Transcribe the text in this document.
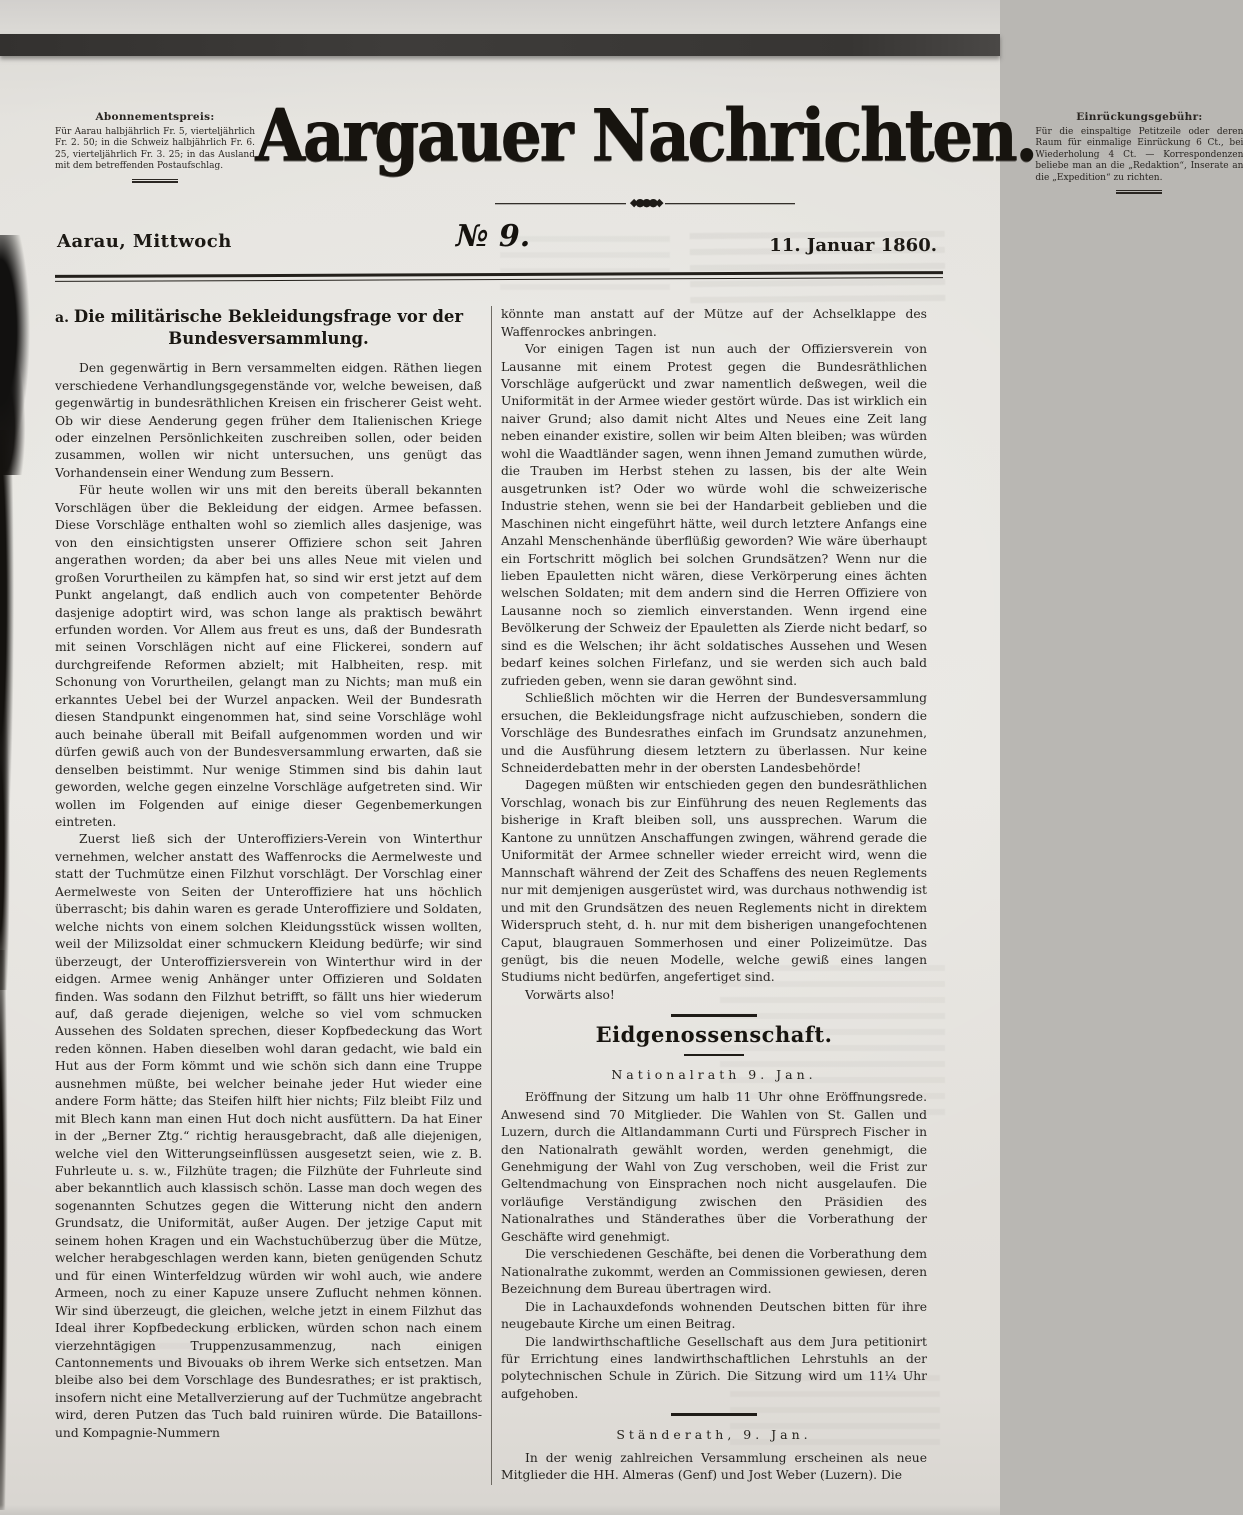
Abonnementspreis:
Für Aarau halbjährlich Fr. 5, vierteljährlich Fr. 2. 50; in die Schweiz halbjährlich Fr. 6. 25, vierteljährlich Fr. 3. 25; in das Ausland mit dem betreffenden Postaufschlag. Aargauer Nachrichten.
◆●●●◆
Einrückungsgebühr:
Für die einspaltige Petitzeile oder deren Raum für einmalige Einrückung 6 Ct., bei Wiederholung 4 Ct. — Korrespondenzen beliebe man an die „Redaktion“, Inserate an die „Expedition“ zu richten.
Aarau, Mittwoch	№ 9.	11. Januar 1860.
a. Die militärische Bekleidungsfrage vor der Bundesversammlung.

Den gegenwärtig in Bern versammelten eidgen. Räthen liegen verschiedene Verhandlungsgegenstände vor, welche beweisen, daß gegenwärtig in bundesräthlichen Kreisen ein frischerer Geist weht. Ob wir diese Aenderung gegen früher dem Italienischen Kriege oder einzelnen Persönlichkeiten zuschreiben sollen, oder beiden zusammen, wollen wir nicht untersuchen, uns genügt das Vorhandensein einer Wendung zum Bessern.

Für heute wollen wir uns mit den bereits überall bekannten Vorschlägen über die Bekleidung der eidgen. Armee befassen. Diese Vorschläge enthalten wohl so ziemlich alles dasjenige, was von den einsichtigsten unserer Offiziere schon seit Jahren angerathen worden; da aber bei uns alles Neue mit vielen und großen Vorurtheilen zu kämpfen hat, so sind wir erst jetzt auf dem Punkt angelangt, daß endlich auch von competenter Behörde dasjenige adoptirt wird, was schon lange als praktisch bewährt erfunden worden. Vor Allem aus freut es uns, daß der Bundesrath mit seinen Vorschlägen nicht auf eine Flickerei, sondern auf durchgreifende Reformen abzielt; mit Halbheiten, resp. mit Schonung von Vorurtheilen, gelangt man zu Nichts; man muß ein erkanntes Uebel bei der Wurzel anpacken. Weil der Bundesrath diesen Standpunkt eingenommen hat, sind seine Vorschläge wohl auch beinahe überall mit Beifall aufgenommen worden und wir dürfen gewiß auch von der Bundesversammlung erwarten, daß sie denselben beistimmt. Nur wenige Stimmen sind bis dahin laut geworden, welche gegen einzelne Vorschläge aufgetreten sind. Wir wollen im Folgenden auf einige dieser Gegenbemerkungen eintreten.

Zuerst ließ sich der Unteroffiziers-Verein von Winterthur vernehmen, welcher anstatt des Waffenrocks die Aermelweste und statt der Tuchmütze einen Filzhut vorschlägt. Der Vorschlag einer Aermelweste von Seiten der Unteroffiziere hat uns höchlich überrascht; bis dahin waren es gerade Unteroffiziere und Soldaten, welche nichts von einem solchen Kleidungsstück wissen wollten, weil der Milizsoldat einer schmuckern Kleidung bedürfe; wir sind überzeugt, der Unteroffiziersverein von Winterthur wird in der eidgen. Armee wenig Anhänger unter Offizieren und Soldaten finden. Was sodann den Filzhut betrifft, so fällt uns hier wiederum auf, daß gerade diejenigen, welche so viel vom schmucken Aussehen des Soldaten sprechen, dieser Kopfbedeckung das Wort reden können. Haben dieselben wohl daran gedacht, wie bald ein Hut aus der Form kömmt und wie schön sich dann eine Truppe ausnehmen müßte, bei welcher beinahe jeder Hut wieder eine andere Form hätte; das Steifen hilft hier nichts; Filz bleibt Filz und mit Blech kann man einen Hut doch nicht ausfüttern. Da hat Einer in der „Berner Ztg.“ richtig herausgebracht, daß alle diejenigen, welche viel den Witterungseinflüssen ausgesetzt seien, wie z. B. Fuhrleute u. s. w., Filzhüte tragen; die Filzhüte der Fuhrleute sind aber bekanntlich auch klassisch schön. Lasse man doch wegen des sogenannten Schutzes gegen die Witterung nicht den andern Grundsatz, die Uniformität, außer Augen. Der jetzige Caput mit seinem hohen Kragen und ein Wachstuchüberzug über die Mütze, welcher herabgeschlagen werden kann, bieten genügenden Schutz und für einen Winterfeldzug würden wir wohl auch, wie andere Armeen, noch zu einer Kapuze unsere Zuflucht nehmen können. Wir sind überzeugt, die gleichen, welche jetzt in einem Filzhut das Ideal ihrer Kopfbedeckung erblicken, würden schon nach einem vierzehntägigen Truppenzusammenzug, nach einigen Cantonnements und Bivouaks ob ihrem Werke sich entsetzen. Man bleibe also bei dem Vorschlage des Bundesrathes; er ist praktisch, insofern nicht eine Metallverzierung auf der Tuchmütze angebracht wird, deren Putzen das Tuch bald ruiniren würde. Die Bataillons- und Kompagnie-Nummern

könnte man anstatt auf der Mütze auf der Achselklappe des Waffenrockes anbringen.

Vor einigen Tagen ist nun auch der Offiziersverein von Lausanne mit einem Protest gegen die Bundesräthlichen Vorschläge aufgerückt und zwar namentlich deßwegen, weil die Uniformität in der Armee wieder gestört würde. Das ist wirklich ein naiver Grund; also damit nicht Altes und Neues eine Zeit lang neben einander existire, sollen wir beim Alten bleiben; was würden wohl die Waadtländer sagen, wenn ihnen Jemand zumuthen würde, die Trauben im Herbst stehen zu lassen, bis der alte Wein ausgetrunken ist? Oder wo würde wohl die schweizerische Industrie stehen, wenn sie bei der Handarbeit geblieben und die Maschinen nicht eingeführt hätte, weil durch letztere Anfangs eine Anzahl Menschenhände überflüßig geworden? Wie wäre überhaupt ein Fortschritt möglich bei solchen Grundsätzen? Wenn nur die lieben Epauletten nicht wären, diese Verkörperung eines ächten welschen Soldaten; mit dem andern sind die Herren Offiziere von Lausanne noch so ziemlich einverstanden. Wenn irgend eine Bevölkerung der Schweiz der Epauletten als Zierde nicht bedarf, so sind es die Welschen; ihr ächt soldatisches Aussehen und Wesen bedarf keines solchen Firlefanz, und sie werden sich auch bald zufrieden geben, wenn sie daran gewöhnt sind.

Schließlich möchten wir die Herren der Bundesversammlung ersuchen, die Bekleidungsfrage nicht aufzuschieben, sondern die Vorschläge des Bundesrathes einfach im Grundsatz anzunehmen, und die Ausführung diesem letztern zu überlassen. Nur keine Schneiderdebatten mehr in der obersten Landesbehörde!

Dagegen müßten wir entschieden gegen den bundesräthlichen Vorschlag, wonach bis zur Einführung des neuen Reglements das bisherige in Kraft bleiben soll, uns aussprechen. Warum die Kantone zu unnützen Anschaffungen zwingen, während gerade die Uniformität der Armee schneller wieder erreicht wird, wenn die Mannschaft während der Zeit des Schaffens des neuen Reglements nur mit demjenigen ausgerüstet wird, was durchaus nothwendig ist und mit den Grundsätzen des neuen Reglements nicht in direktem Widerspruch steht, d. h. nur mit dem bisherigen unangefochtenen Caput, blaugrauen Sommerhosen und einer Polizeimütze. Das genügt, bis die neuen Modelle, welche gewiß eines langen Studiums nicht bedürfen, angefertiget sind.

Vorwärts also!

Eidgenossenschaft.
Nationalrath 9. Jan.

Eröffnung der Sitzung um halb 11 Uhr ohne Eröffnungsrede. Anwesend sind 70 Mitglieder. Die Wahlen von St. Gallen und Luzern, durch die Altlandammann Curti und Fürsprech Fischer in den Nationalrath gewählt worden, werden genehmigt, die Genehmigung der Wahl von Zug verschoben, weil die Frist zur Geltendmachung von Einsprachen noch nicht ausgelaufen. Die vorläufige Verständigung zwischen den Präsidien des Nationalrathes und Ständerathes über die Vorberathung der Geschäfte wird genehmigt.

Die verschiedenen Geschäfte, bei denen die Vorberathung dem Nationalrathe zukommt, werden an Commissionen gewiesen, deren Bezeichnung dem Bureau übertragen wird.

Die in Lachauxdefonds wohnenden Deutschen bitten für ihre neugebaute Kirche um einen Beitrag.

Die landwirthschaftliche Gesellschaft aus dem Jura petitionirt für Errichtung eines landwirthschaftlichen Lehrstuhls an der polytechnischen Schule in Zürich. Die Sitzung wird um 11¼ Uhr aufgehoben.

Ständerath, 9. Jan.

In der wenig zahlreichen Versammlung erscheinen als neue Mitglieder die HH. Almeras (Genf) und Jost Weber (Luzern). Die
